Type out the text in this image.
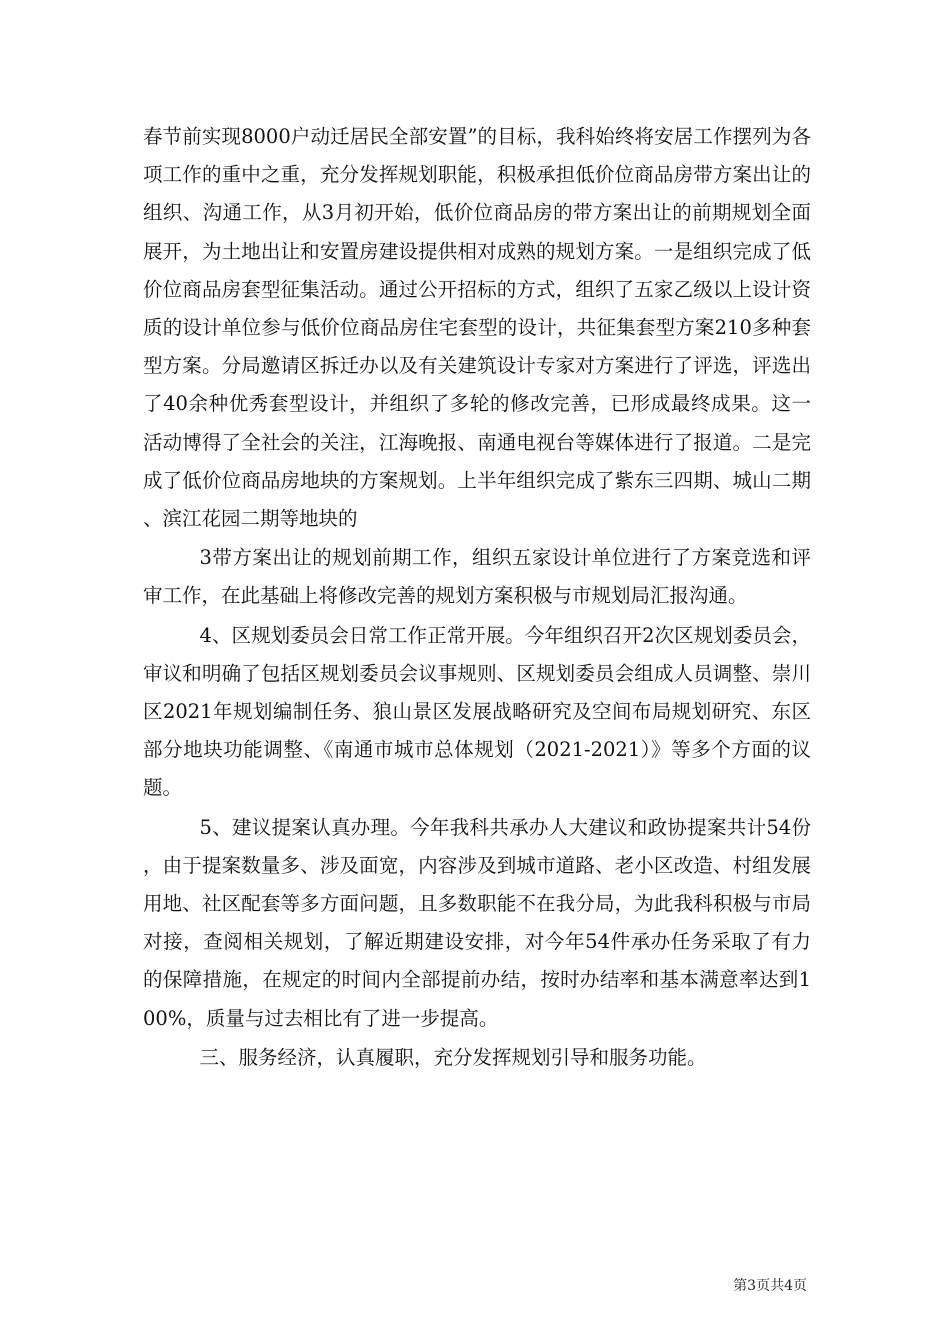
春节前实现8000户动迁居民全部安置”的目标，我科始终将安居工作摆列为各项工作的重中之重，充分发挥规划职能，积极承担低价位商品房带方案出让的组织、沟通工作，从3月初开始，低价位商品房的带方案出让的前期规划全面展开，为土地出让和安置房建设提供相对成熟的规划方案。一是组织完成了低价位商品房套型征集活动。通过公开招标的方式，组织了五家乙级以上设计资质的设计单位参与低价位商品房住宅套型的设计，共征集套型方案210多种套型方案。分局邀请区拆迁办以及有关建筑设计专家对方案进行了评选，评选出了40余种优秀套型设计，并组织了多轮的修改完善，已形成最终成果。这一活动博得了全社会的关注，江海晚报、南通电视台等媒体进行了报道。二是完成了低价位商品房地块的方案规划。上半年组织完成了紫东三四期、城山二期、滨江花园二期等地块的

3带方案出让的规划前期工作，组织五家设计单位进行了方案竞选和评审工作，在此基础上将修改完善的规划方案积极与市规划局汇报沟通。

4、区规划委员会日常工作正常开展。今年组织召开2次区规划委员会，审议和明确了包括区规划委员会议事规则、区规划委员会组成人员调整、崇川区2021年规划编制任务、狼山景区发展战略研究及空间布局规划研究、东区部分地块功能调整、《南通市城市总体规划（2021-2021）》等多个方面的议题。

5、建议提案认真办理。今年我科共承办人大建议和政协提案共计54份，由于提案数量多、涉及面宽，内容涉及到城市道路、老小区改造、村组发展用地、社区配套等多方面问题，且多数职能不在我分局，为此我科积极与市局对接，查阅相关规划，了解近期建设安排，对今年54件承办任务采取了有力的保障措施，在规定的时间内全部提前办结，按时办结率和基本满意率达到100%，质量与过去相比有了进一步提高。

三、服务经济，认真履职，充分发挥规划引导和服务功能。

第3页共4页
